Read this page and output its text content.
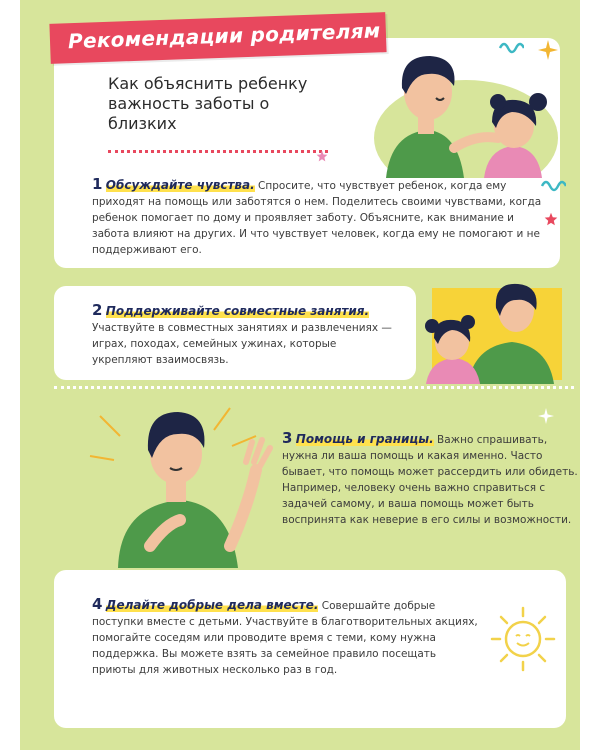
Рекомендации родителям
Как объяснить ребенку важность заботы о близких
1 Обсуждайте чувства. Спросите, что чувствует ребенок, когда ему приходят на помощь или заботятся о нем. Поделитесь своими чувствами, когда ребенок помогает по дому и проявляет заботу. Объясните, как внимание и забота влияют на других. И что чувствует человек, когда ему не помогают и не поддерживают его.
2 Поддерживайте совместные занятия.
Участвуйте в совместных занятиях и развлечениях — играх, походах, семейных ужинах, которые укрепляют взаимосвязь.
3 Помощь и границы. Важно спрашивать, нужна ли ваша помощь и какая именно. Часто бывает, что помощь может рассердить или обидеть. Например, человеку очень важно справиться с задачей самому, и ваша помощь может быть воспринята как неверие в его силы и возможности.
4 Делайте добрые дела вместе. Совершайте добрые поступки вместе с детьми. Участвуйте в благотворительных акциях, помогайте соседям или проводите время с теми, кому нужна поддержка. Вы можете взять за семейное правило посещать приюты для животных несколько раз в год.
